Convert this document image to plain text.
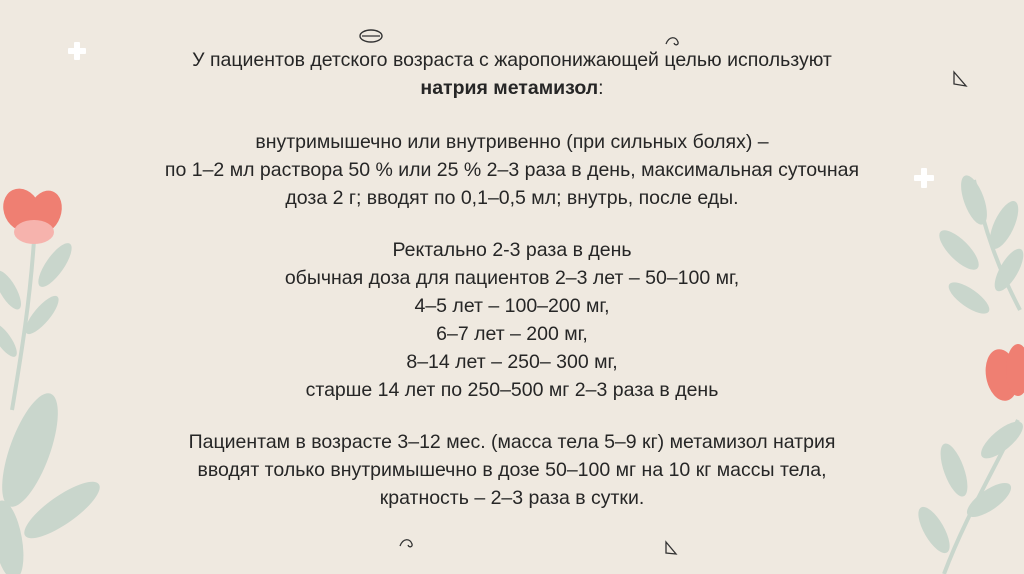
У пациентов детского возраста с жаропонижающей целью используют
натрия метамизол:
внутримышечно или внутривенно (при сильных болях) –
по 1–2 мл раствора 50 % или 25 % 2–3 раза в день, максимальная суточная
доза 2 г; вводят по 0,1–0,5 мл; внутрь, после еды.
Ректально 2-3 раза в день
обычная доза для пациентов 2–3 лет – 50–100 мг,
4–5 лет – 100–200 мг,
6–7 лет – 200 мг,
8–14 лет – 250– 300 мг,
старше 14 лет по 250–500 мг 2–3 раза в день
Пациентам в возрасте 3–12 мес. (масса тела 5–9 кг) метамизол натрия
вводят только внутримышечно в дозе 50–100 мг на 10 кг массы тела,
кратность – 2–3 раза в сутки.
